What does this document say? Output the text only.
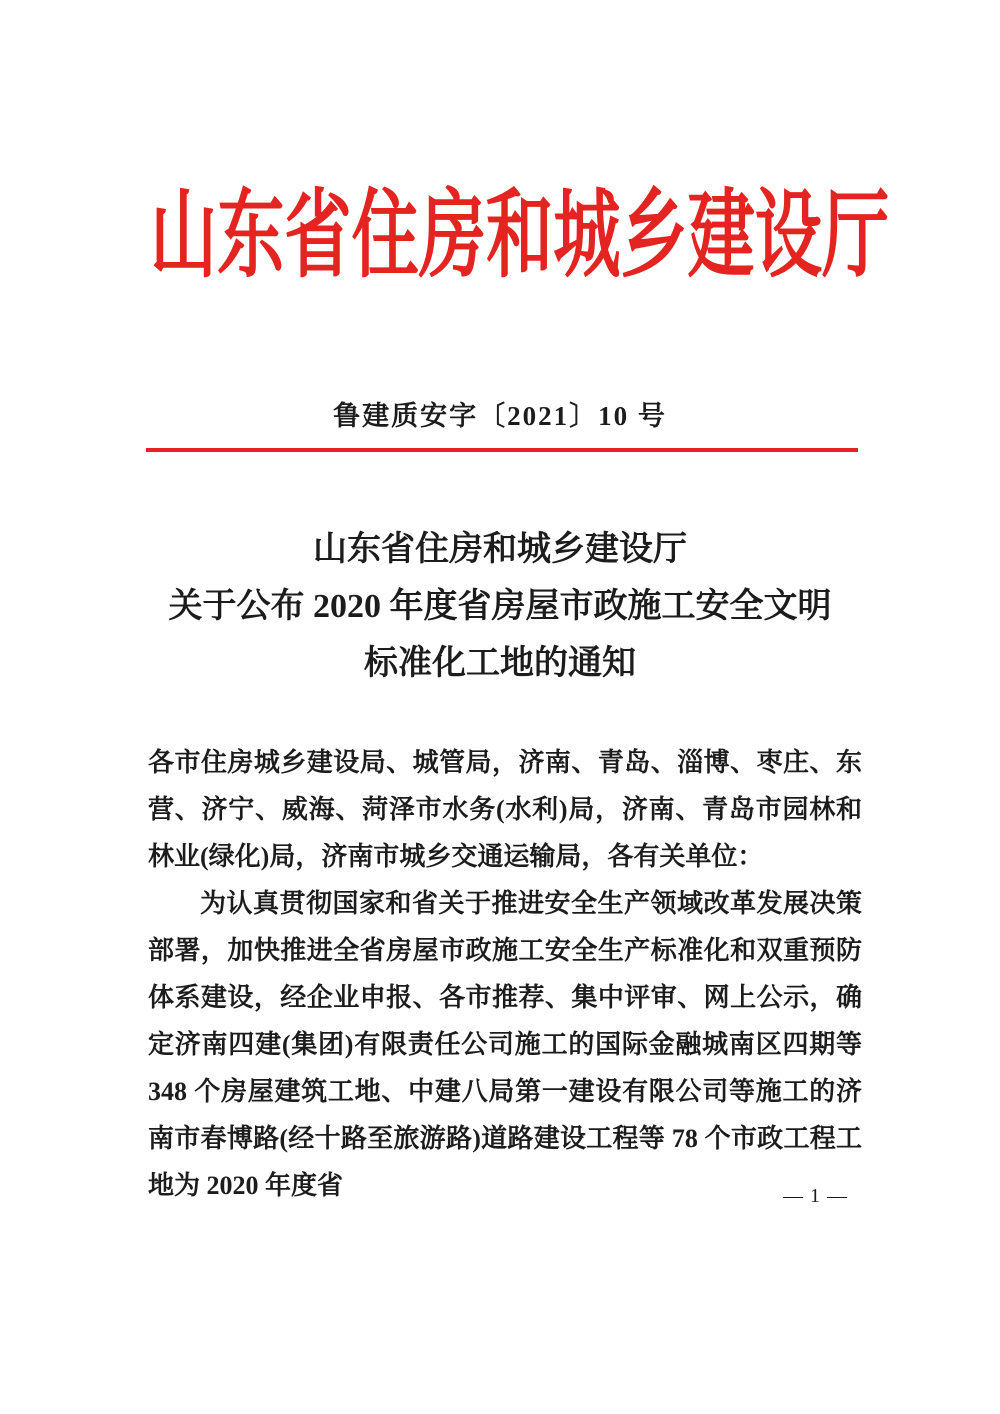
山东省住房和城乡建设厅
鲁建质安字〔2021〕10 号
山东省住房和城乡建设厅
关于公布 2020 年度省房屋市政施工安全文明
标准化工地的通知

各市住房城乡建设局、城管局，济南、青岛、淄博、枣庄、东营、济宁、威海、菏泽市水务(水利)局，济南、青岛市园林和林业(绿化)局，济南市城乡交通运输局，各有关单位：

为认真贯彻国家和省关于推进安全生产领域改革发展决策部署，加快推进全省房屋市政施工安全生产标准化和双重预防体系建设，经企业申报、各市推荐、集中评审、网上公示，确定济南四建(集团)有限责任公司施工的国际金融城南区四期等 348 个房屋建筑工地、中建八局第一建设有限公司等施工的济南市春博路(经十路至旅游路)道路建设工程等 78 个市政工程工地为 2020 年度省	— 1 —
